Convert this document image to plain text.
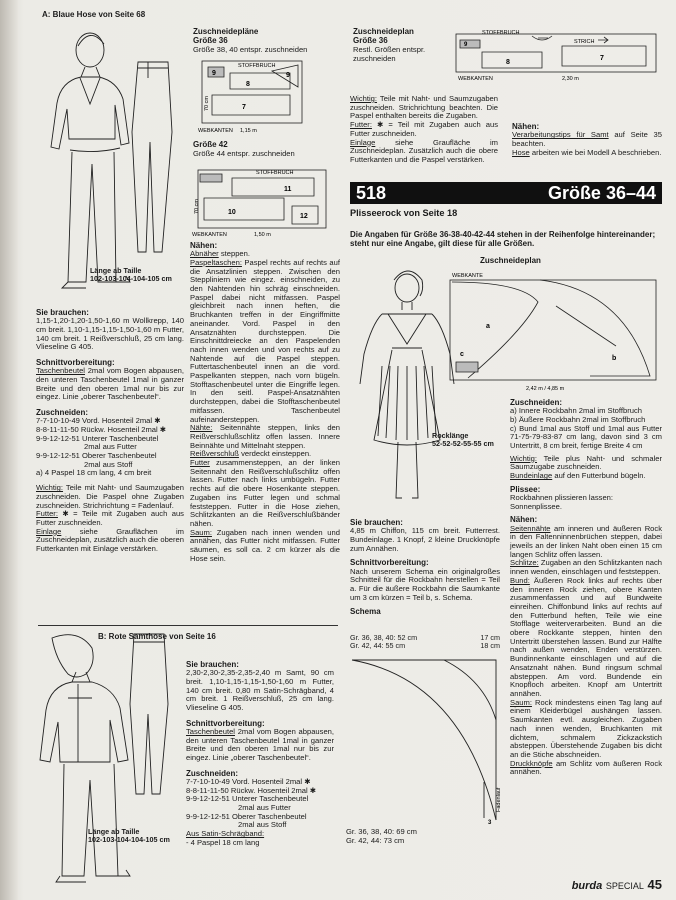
A: Blaue Hose von Seite 68
Länge ab Taille
102-103-104-104-105 cm
Sie brauchen:
1,15-1,20-1,20-1,50-1,60 m Wollkrepp, 140 cm breit. 1,10-1,15-1,15-1,50-1,60 m Futter, 140 cm breit. 1 Reißverschluß, 25 cm lang. Vlieseline G 405.
Schnittvorbereitung:
Taschenbeutel 2mal vom Bogen abpausen, den unteren Taschenbeutel 1mal in ganzer Breite und den oberen 1mal nur bis zur eingez. Linie „oberer Taschenbeutel“.
Zuschneiden:
7-7-10-10-49 Vord. Hosenteil 2mal ✱
8-8-11-11-50 Rückw. Hosenteil 2mal ✱
9-9-12-12-51 Unterer Taschenbeutel
2mal aus Futter
9-9-12-12-51 Oberer Taschenbeutel
2mal aus Stoff
a) 4 Paspel 18 cm lang, 4 cm breit
Wichtig: Teile mit Naht- und Saumzugaben zuschneiden. Die Paspel ohne Zugaben zuschneiden. Strichrichtung = Fadenlauf.
Futter: ✱ = Teile mit Zugaben auch aus Futter zuschneiden.
Einlage siehe Grauflächen im Zuschneideplan, zusätzlich auch die oberen Futterkanten mit Einlage verstärken.
Zuschneidepläne
Größe 36
Größe 38, 40 entspr. zuschneiden
STOFFBRUCH
9
8
7
9
70 cm
WEBKANTEN 1,15 m
Größe 42
Größe 44 entspr. zuschneiden
STOFFBRUCH
11
10
12
70 cm
WEBKANTEN	1,50 m
Nähen:
Abnäher steppen.
Paspeltaschen: Paspel rechts auf rechts auf die Ansatzlinien steppen. Zwischen den Steppliniern wie eingez. einschneiden, zu den Nahtenden hin schräg einschneiden. Paspel dabei nicht mitfassen. Paspel gleichbreit nach innen heften, die Bruchkanten treffen in der Eingriffmitte aneinander. Vord. Paspel in den Ansatznähten durchsteppen. Die Einschnittdreiecke an den Paspelenden nach innen wenden und von rechts auf zu Nahtende auf die Paspel steppen. Futtertaschenbeutel innen an die vord. Paspelkanten steppen, nach vorn bügeln. Stofftaschenbeutel unter die Eingriffe legen. In den seitl. Paspel-Ansatznähten durchsteppen, dabei die Stofftaschenbeutel mitfassen. Taschenbeutel aufeinandersteppen.
Nähte: Seitennähte steppen, links den Reißverschlußschlitz offen lassen. Innere Beinnähte und Mittelnaht steppen.
Reißverschluß verdeckt einsteppen.
Futter zusammensteppen, an der linken Seitennaht den Reißverschlußschlitz offen lassen. Futter nach links umbügeln. Futter rechts auf die obere Hosenkante steppen. Zugaben ins Futter legen und schmal feststeppen. Futter in die Hose ziehen, Schlitzkanten an die Reißverschlußbänder nähen.
Saum: Zugaben nach innen wenden und annähen, das Futter nicht mitfassen. Futter säumen, es soll ca. 2 cm kürzer als die Hose sein.
B: Rote Samthose von Seite 16
Länge ab Taille
102-103-104-104-105 cm
Sie brauchen:
2,30-2,30-2,35-2,35-2,40 m Samt, 90 cm breit. 1,10-1,15-1,15-1,50-1,60 m Futter, 140 cm breit. 0,80 m Satin-Schrägband, 4 cm breit. 1 Reißverschluß, 25 cm lang. Vlieseline G 405.
Schnittvorbereitung:
Taschenbeutel 2mal vom Bogen abpausen, den unteren Taschenbeutel 1mal in ganzer Breite und den oberen 1mal nur bis zur eingez. Linie „oberer Taschenbeutel“.
Zuschneiden:
7-7-10-10-49 Vord. Hosenteil 2mal ✱
8-8-11-11-50 Rückw. Hosenteil 2mal ✱
9-9-12-12-51 Unterer Taschenbeutel
2mal aus Futter
9-9-12-12-51 Oberer Taschenbeutel
2mal aus Stoff
Aus Satin-Schrägband:
- 4 Paspel 18 cm lang
Zuschneideplan
Größe 36
Restl. Größen entspr.
zuschneiden
STOFFBRUCH
STRICH
9
8
7
WEBKANTEN	2,30 m
Wichtig: Teile mit Naht- und Saumzugaben zuschneiden. Strichrichtung beachten. Die Paspel enthalten bereits die Zugaben.
Futter: ✱ = Teil mit Zugaben auch aus Futter zuschneiden.
Einlage	siehe Graufläche im Zuschneideplan. Zusätzlich auch die obere Futterkanten und die Paspel verstärken.
Nähen:
Verarbeitungstips für Samt auf Seite 35 beachten.
Hose arbeiten wie bei Modell A beschrieben.
518	Größe 36–44
Plisseerock von Seite 18
Die Angaben für Größe 36-38-40-42-44 stehen in der Reihenfolge hintereinander; steht nur eine Angabe, gilt diese für alle Größen.
Zuschneideplan
Rocklänge
52-52-52-55-55 cm
WEBKANTE
a
b
c
2,42 m / 4,85 m
Zuschneiden:
a) Innere Rockbahn 2mal im Stoffbruch
b) Äußere Rockbahn 2mal im Stoffbruch
c) Bund 1mal aus Stoff und 1mal aus Futter 71-75-79-83-87 cm lang, davon sind 3 cm Untertritt, 8 cm breit, fertige Breite 4 cm
Wichtig: Teile plus Naht- und schmaler Saumzugabe zuschneiden.
Bundeinlage auf den Futterbund bügeln.
Plissee:
Rockbahnen plissieren lassen: Sonnenplissee.
Nähen:
Seitennähte am inneren und äußeren Rock in den Faltenninnenbrüchen steppen, dabei jeweils an der linken Naht oben einen 15 cm langen Schlitz offen lassen.
Schlitze: Zugaben an den Schlitzkanten nach innen wenden, einschlagen und feststeppen.
Bund: Äußeren Rock links auf rechts über den inneren Rock ziehen, obere Kanten zusammenfassen und auf Bundweite einreihen. Chiffonbund links auf rechts auf den Futterbund heften, Teile wie eine Stofflage weiterverarbeiten. Bund an die obere Rockkante steppen, hinten den Untertritt überstehen lassen. Bund zur Hälfte nach außen wenden, Enden verstürzen. Bundinnenkante einschlagen und auf die Ansatznaht nähen. Bund ringsum schmal absteppen. Am vord. Bundende ein Knopfloch arbeiten. Knopf am Untertritt annähen.
Saum: Rock mindestens einen Tag lang auf einem Kleiderbügel aushängen lassen. Saumkanten evtl. ausgleichen. Zugaben nach innen wenden, Bruchkanten mit dichtem, schmalem Zickzackstich absteppen. Überstehende Zugaben bis dicht an die Stiche abschneiden.
Druckknöpfe am Schlitz vom äußeren Rock annähen.
Sie brauchen:
4,85 m Chiffon, 115 cm breit. Futterrest. Bundeinlage. 1 Knopf, 2 kleine Druckknöpfe zum Annähen.
Schnittvorbereitung:
Nach unserem Schema ein originalgroßes Schnitteil für die Rockbahn herstellen = Teil a. Für die äußere Rockbahn die Saumkante um 3 cm kürzen = Teil b, s. Schema.
Schema
Gr. 36, 38, 40: 52 cm	17 cm
Gr. 42, 44: 55 cm	18 cm
Fadenlauf
3
Gr. 36, 38, 40: 69 cm
Gr. 42, 44: 73 cm
burda SPECIAL 45
